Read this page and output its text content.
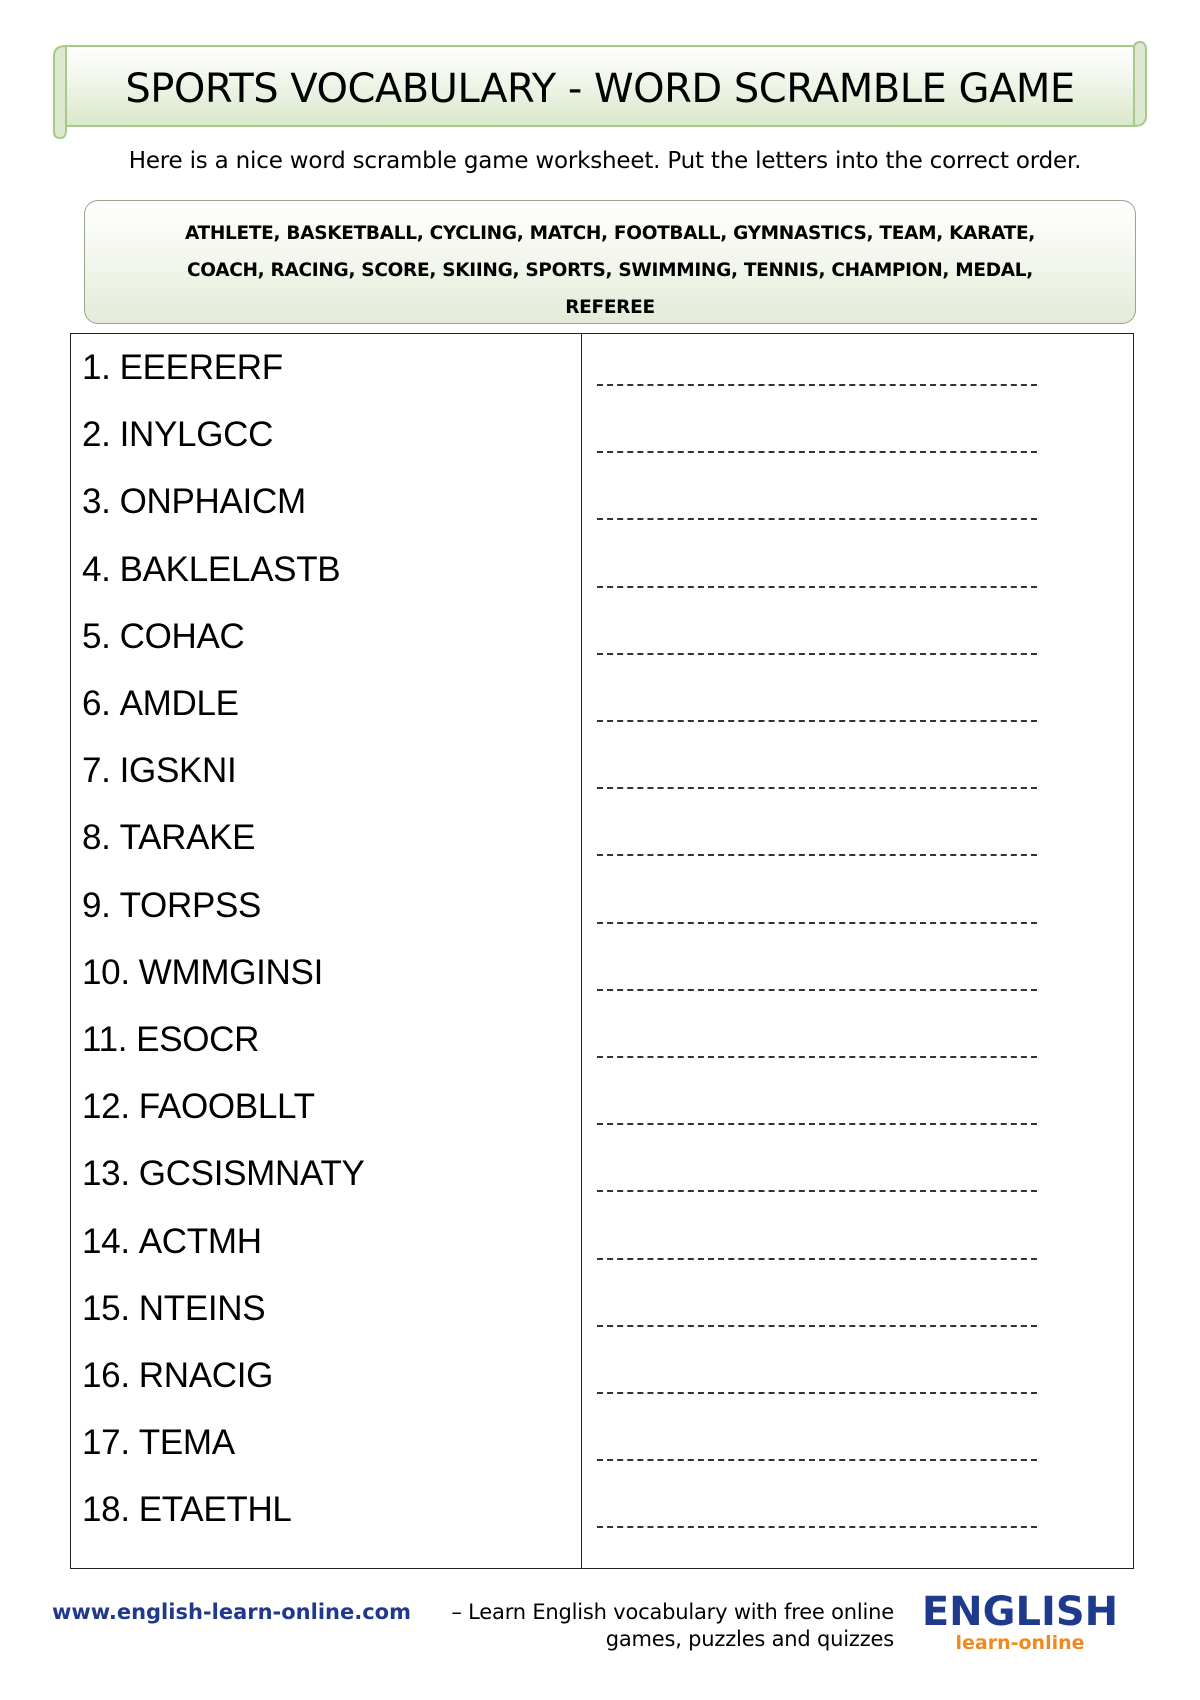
SPORTS VOCABULARY - WORD SCRAMBLE GAME
Here is a nice word scramble game worksheet. Put the letters into the correct order.
ATHLETE, BASKETBALL, CYCLING, MATCH, FOOTBALL, GYMNASTICS, TEAM, KARATE,
COACH, RACING, SCORE, SKIING, SPORTS, SWIMMING, TENNIS, CHAMPION, MEDAL,
REFEREE
1. EEERERF
2. INYLGCC
3. ONPHAICM
4. BAKLELASTB
5. COHAC
6. AMDLE
7. IGSKNI
8. TARAKE
9. TORPSS
10. WMMGINSI
11. ESOCR
12. FAOOBLLT
13. GCSISMNATY
14. ACTMH
15. NTEINS
16. RNACIG
17. TEMA
18. ETAETHL
www.english-learn-online.com	– Learn English vocabulary with free online
games, puzzles and quizzes
ENGLISH
learn-online
